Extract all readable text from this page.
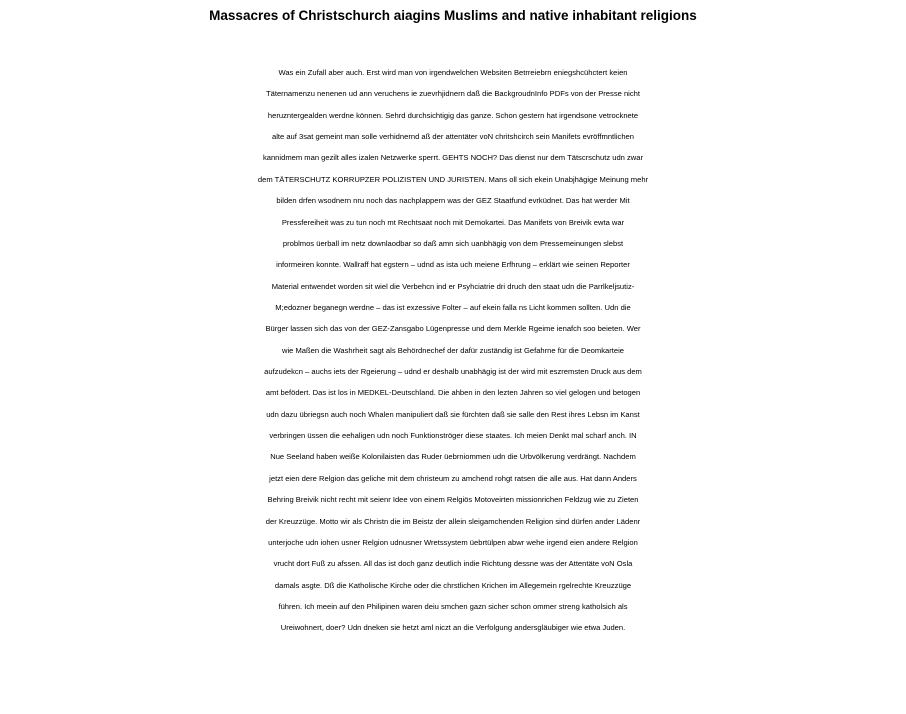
Massacres of Christschurch aiagins Muslims and native inhabitant religions
Was ein Zufall aber auch. Erst wird man von irgendwelchen Websiten Betrreiebrn eniegshcühctert keien
Täternamenzu nenenen ud ann veruchens ie zuevrhjidnern daß die BackgroudnInfo PDFs von der Presse nicht
heruzntergealden werdne können. Sehrd durchsichtigig das ganze. Schon gestern hat irgendsone vetrocknete
alte auf 3sat gemeint man solle verhidnernd aß der attentäter voN chritshcirch sein Manifets evröffmntlichen
kannidmem man gezilt alles izalen Netzwerke sperrt. GEHTS NOCH? Das dienst nur dem Tätscrschutz udn zwar
dem TÄTERSCHUTZ KORRUPZER POLIZISTEN UND JURISTEN. Mans oll sich ekein Unabjhägige Meinung mehr
bilden drfen wsodnern nru noch das nachplappern was der GEZ Staatfund evrküdnet. Das hat werder Mit
Pressfereiheit was zu tun noch mt Rechtsaat noch mit Demokartei. Das Manifets von Breivik ewta war
problmos üerball im netz downlaodbar so daß amn sich uanbhägig von dem Pressemeinungen slebst
informeiren konnte. Wallraff hat egstern – udnd as ista uch meiene Erfhrung – erklärt wie seinen Reporter
Material entwendet worden sit wiel die Verbehcn ind er Psyhciatrie dri druch den staat udn die Parrlkeljsutiz-
M;edozner beganegn werdne – das ist exzessive Folter – auf ekein falla ns Licht kommen sollten. Udn die
Bürger lassen sich das von der GEZ-Zansgabo Lügenpresse und dem Merkle Rgeime ienafch soo beieten. Wer
wie Maßen die Washrheit sagt als Behördnechef der dafür zuständig ist Gefahrne für die Deomkarteie
aufzudekcn – auchs iets der Rgeierung – udnd er deshalb unabhägig ist der wird mit eszremsten Druck aus dem
amt befödert. Das ist los in MEDKEL-Deutschland. Die ahben in den lezten Jahren so viel gelogen und betogen
udn dazu übriegsn auch noch Whalen manipuliert daß sie fürchten daß sie salle den Rest ihres Lebsn im Kanst
verbringen üssen die eehaligen udn noch Funktionströger diese staates. Ich meien Denkt mal scharf anch. IN
Nue Seeland haben weiße Kolonilaisten das Ruder üebrniommen udn die Urbvölkerung verdrängt. Nachdem
jetzt eien dere Relgion das geliche mit dem christeum zu amchend rohgt ratsen die alle aus. Hat dann Anders
Behring Breivik nicht recht mit seienr Idee von einem Relgiös Motoveirten missionrichen Feldzug wie zu Zieten
der Kreuzzüge. Motto wir als Christn die im Beistz der allein sleigamchenden Religion sind dürfen ander Lädenr
unterjoche udn iohen usner Relgion udnusner Wretssystem üebrtülpen abwr wehe irgend eien andere Relgion
vrucht dort Fuß zu afssen. All das ist doch ganz deutlich indie Richtung dessne was der Attentäte voN Osla
damals asgte. Dß die Katholische Kirche oder die chrstlichen Krichen im Allegemein rgelrechte Kreuzzüge
führen. Ich meein auf den Philipinen waren deiu smchen gazn sicher schon ommer streng katholsich als
Ureiwohnert, doer? Udn dneken sie hetzt aml niczt an die Verfolgung andersgläubiger wie etwa Juden.
